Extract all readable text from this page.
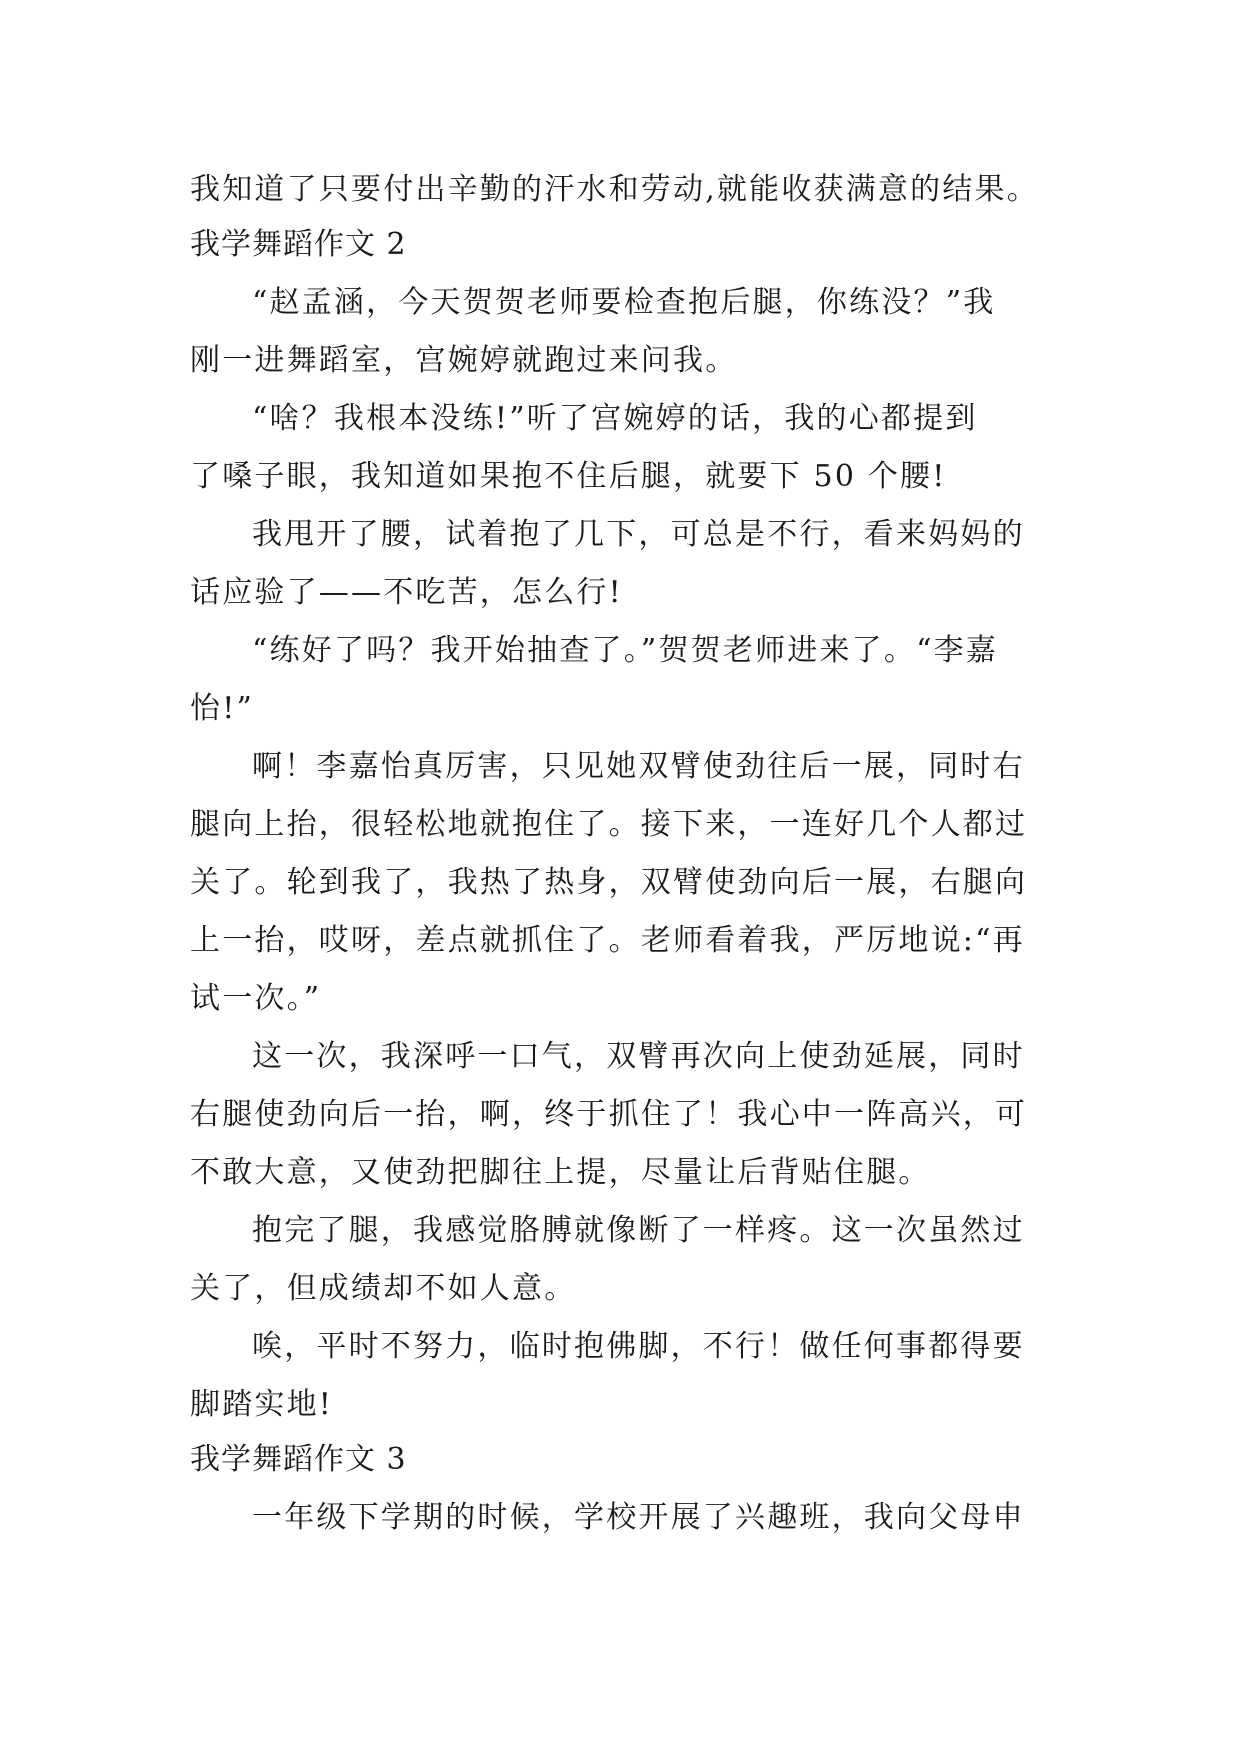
我知道了只要付出辛勤的汗水和劳动,就能收获满意的结果。
我学舞蹈作文 2
“赵孟涵，今天贺贺老师要检查抱后腿，你练没？”我
刚一进舞蹈室，宫婉婷就跑过来问我。
“啥？我根本没练!”听了宫婉婷的话，我的心都提到
了嗓子眼，我知道如果抱不住后腿，就要下 50 个腰!
我甩开了腰，试着抱了几下，可总是不行，看来妈妈的
话应验了——不吃苦，怎么行!
“练好了吗？我开始抽查了。”贺贺老师进来了。“李嘉
怡!”
啊！李嘉怡真厉害，只见她双臂使劲往后一展，同时右
腿向上抬，很轻松地就抱住了。接下来，一连好几个人都过
关了。轮到我了，我热了热身，双臂使劲向后一展，右腿向
上一抬，哎呀，差点就抓住了。老师看着我，严厉地说:“再
试一次。”
这一次，我深呼一口气，双臂再次向上使劲延展，同时
右腿使劲向后一抬，啊，终于抓住了！我心中一阵高兴，可
不敢大意，又使劲把脚往上提，尽量让后背贴住腿。
抱完了腿，我感觉胳膊就像断了一样疼。这一次虽然过
关了，但成绩却不如人意。
唉，平时不努力，临时抱佛脚，不行！做任何事都得要
脚踏实地!
我学舞蹈作文 3
一年级下学期的时候，学校开展了兴趣班，我向父母申
